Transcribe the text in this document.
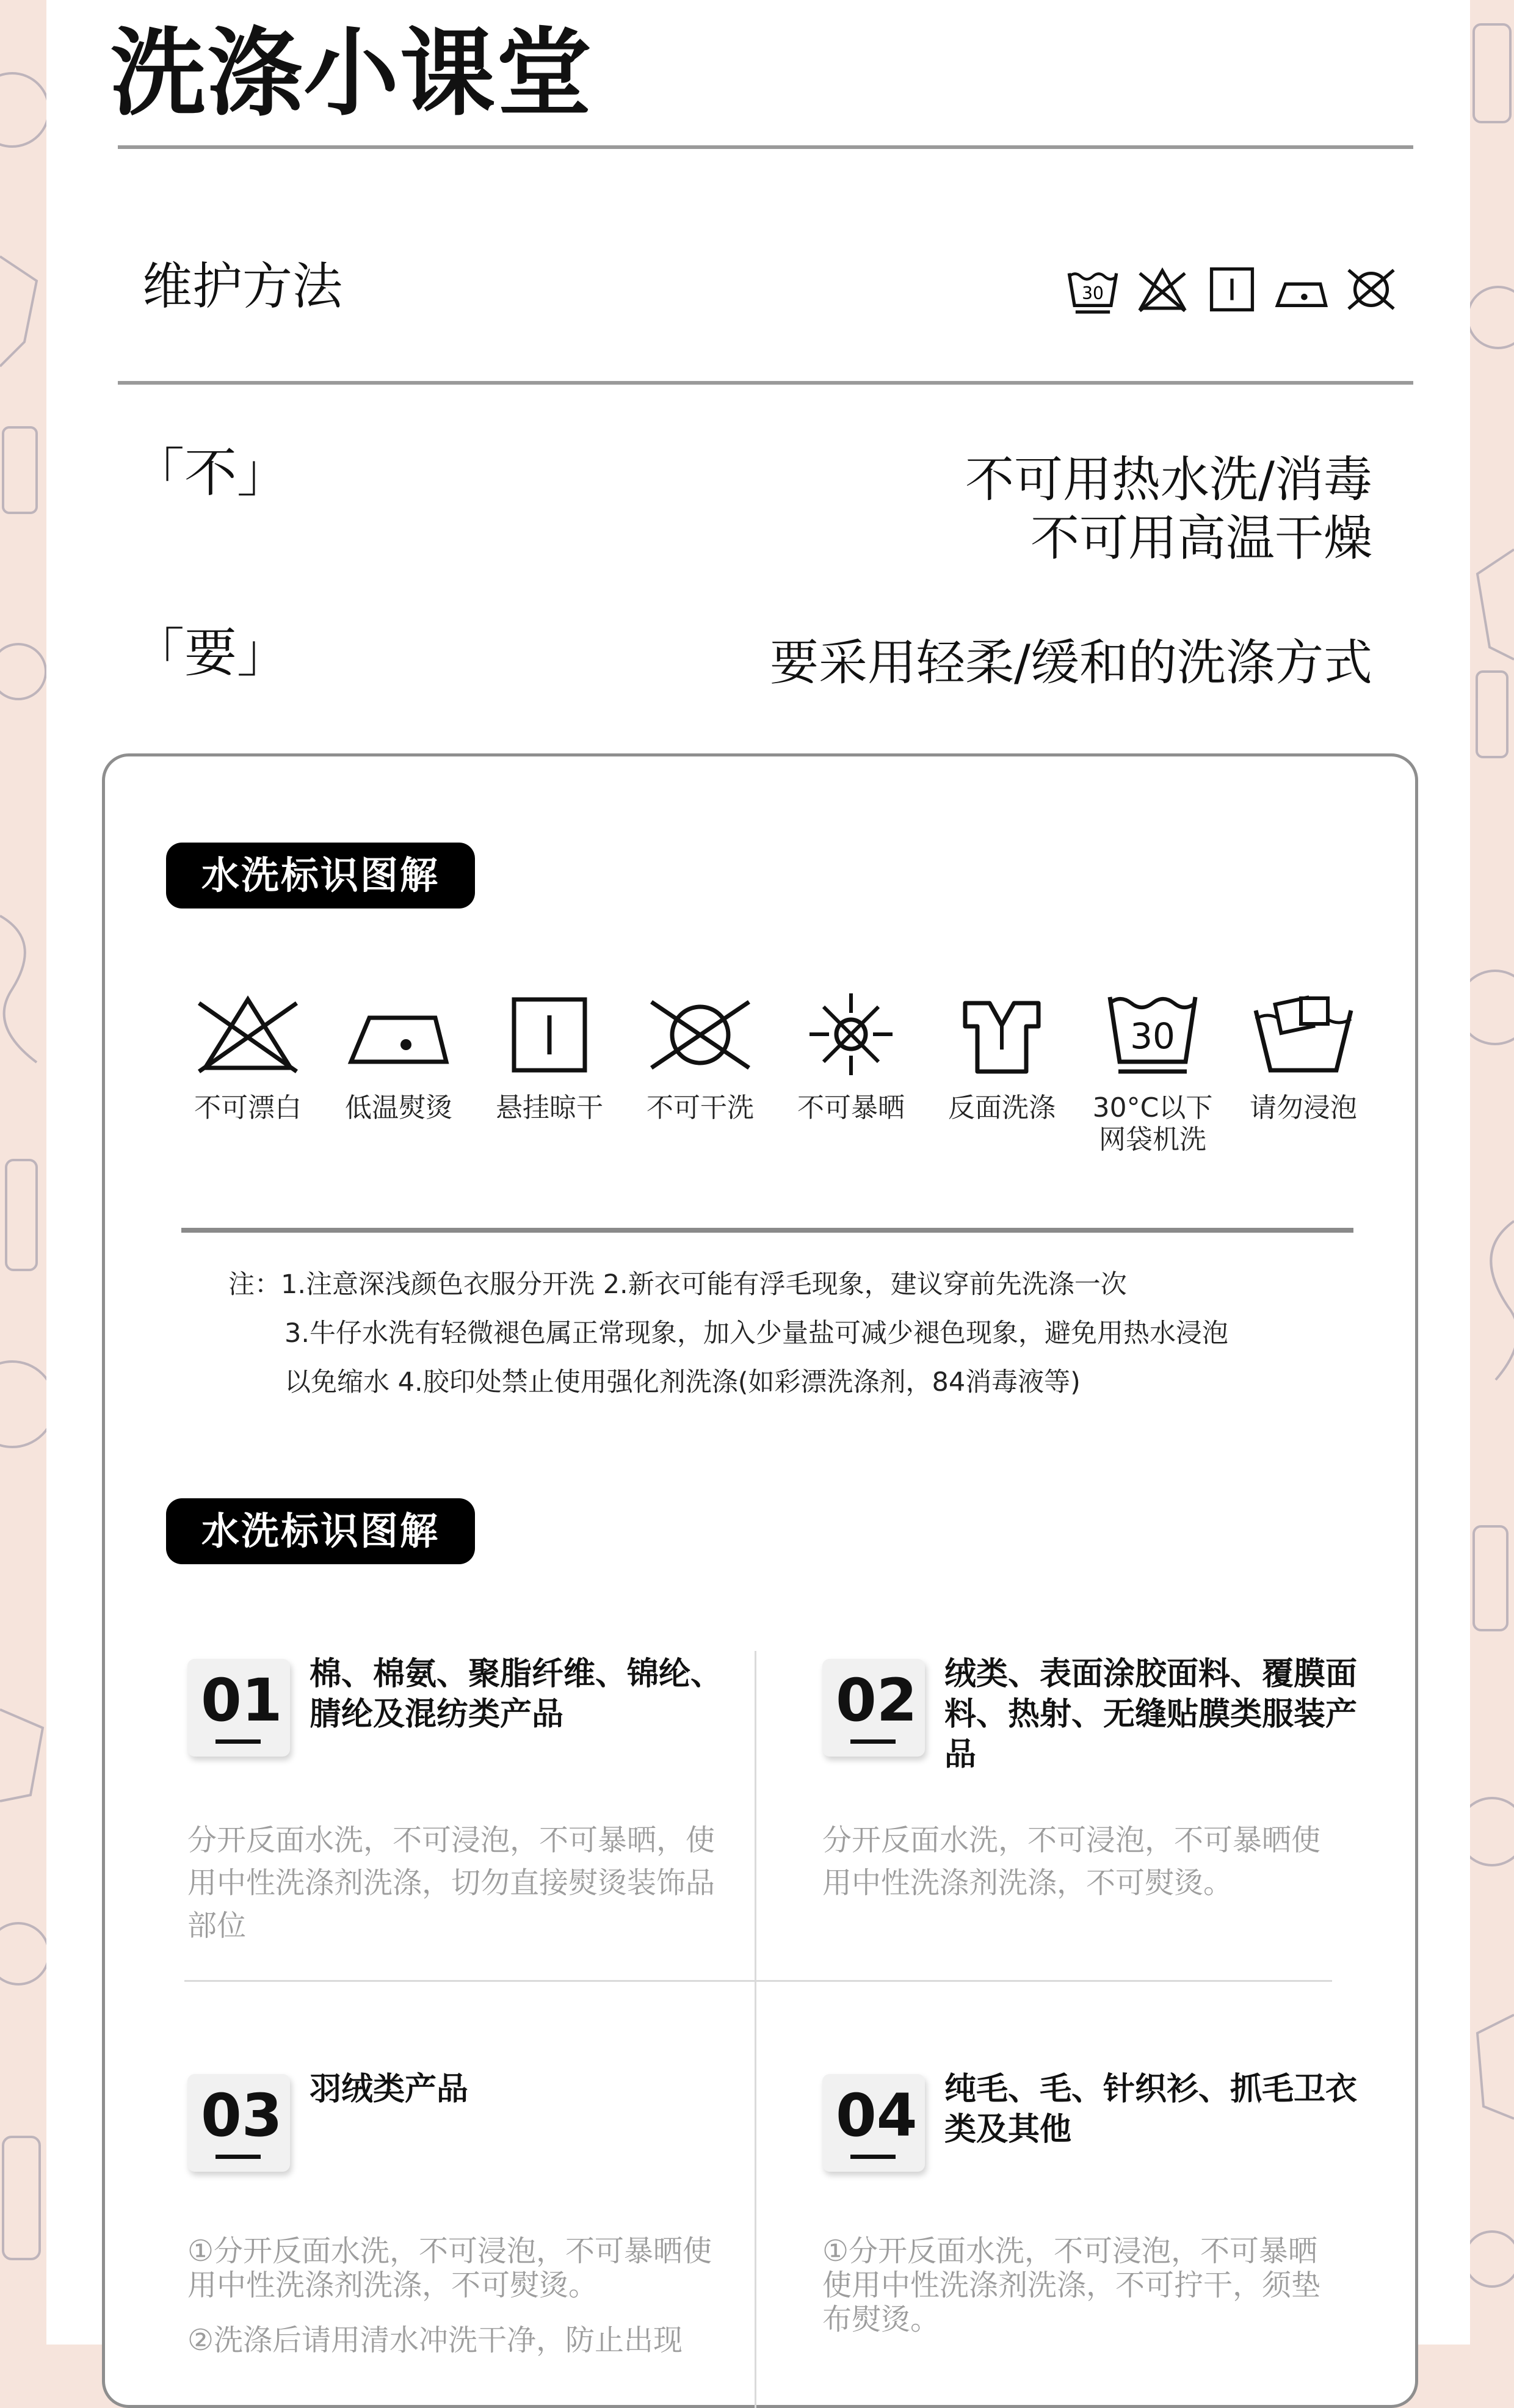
洗涤小课堂
维护方法	30
「不」	不可用热水洗/消毒
不可用高温干燥
「要」	要采用轻柔/缓和的洗涤方式
水洗标识图解
不可漂白	低温熨烫	悬挂晾干	不可干洗	不可暴晒	反面洗涤
30
30°C以下
网袋机洗
请勿浸泡
注：1.注意深浅颜色衣服分开洗 2.新衣可能有浮毛现象，建议穿前先洗涤一次
3.牛仔水洗有轻微褪色属正常现象，加入少量盐可减少褪色现象，避免用热水浸泡
以免缩水 4.胶印处禁止使用强化剂洗涤(如彩漂洗涤剂，84消毒液等)
水洗标识图解
01 棉、棉氨、聚脂纤维、锦纶、腈纶及混纺类产品

分开反面水洗，不可浸泡，不可暴晒，使用中性洗涤剂洗涤，切勿直接熨烫装饰品部位

02 绒类、表面涂胶面料、覆膜面料、热射、无缝贴膜类服装产品

分开反面水洗，不可浸泡，不可暴晒使用中性洗涤剂洗涤，不可熨烫。

03 羽绒类产品

①分开反面水洗，不可浸泡，不可暴晒使用中性洗涤剂洗涤，不可熨烫。

②洗涤后请用清水冲洗干净，防止出现

04 纯毛、毛、针织衫、抓毛卫衣类及其他

①分开反面水洗，不可浸泡，不可暴晒使用中性洗涤剂洗涤，不可拧干，须垫布熨烫。
